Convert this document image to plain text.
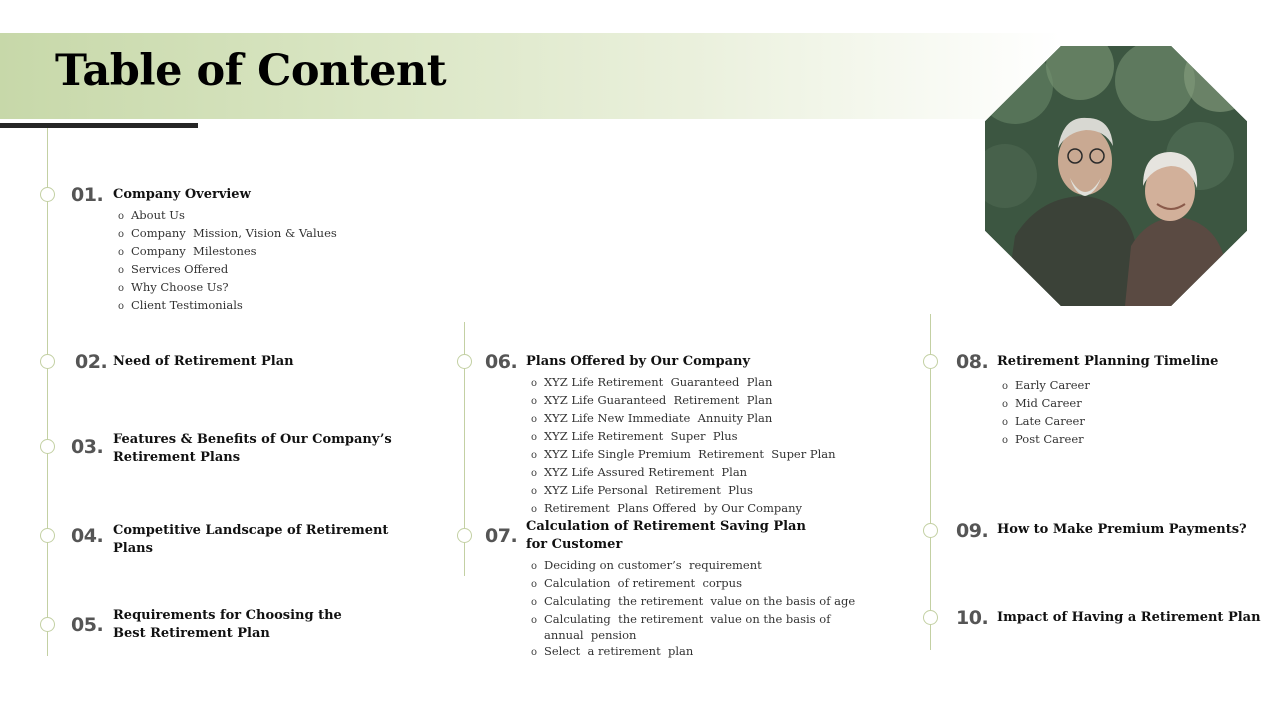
Table of Content
01. Company Overview
o About Us
o Company  Mission, Vision & Values
o Company  Milestones
o Services Offered
o Why Choose Us?
o Client Testimonials
02. Need of Retirement Plan
03. Features & Benefits of Our Company’s
Retirement Plans
04. Competitive Landscape of Retirement
Plans
05. Requirements for Choosing the
Best Retirement Plan
06. Plans Offered by Our Company
o XYZ Life Retirement  Guaranteed  Plan
o XYZ Life Guaranteed  Retirement  Plan
o XYZ Life New Immediate  Annuity Plan
o XYZ Life Retirement  Super  Plus
o XYZ Life Single Premium  Retirement  Super Plan
o XYZ Life Assured Retirement  Plan
o XYZ Life Personal  Retirement  Plus
o Retirement  Plans Offered  by Our Company
07. Calculation of Retirement Saving Plan
for Customer
o Deciding on customer’s  requirement
o Calculation  of retirement  corpus
o Calculating  the retirement  value on the basis of age
o Calculating  the retirement  value on the basis of
annual  pension
o Select  a retirement  plan
08. Retirement Planning Timeline
o Early Career
o Mid Career
o Late Career
o Post Career
09. How to Make Premium Payments?
10. Impact of Having a Retirement Plan
